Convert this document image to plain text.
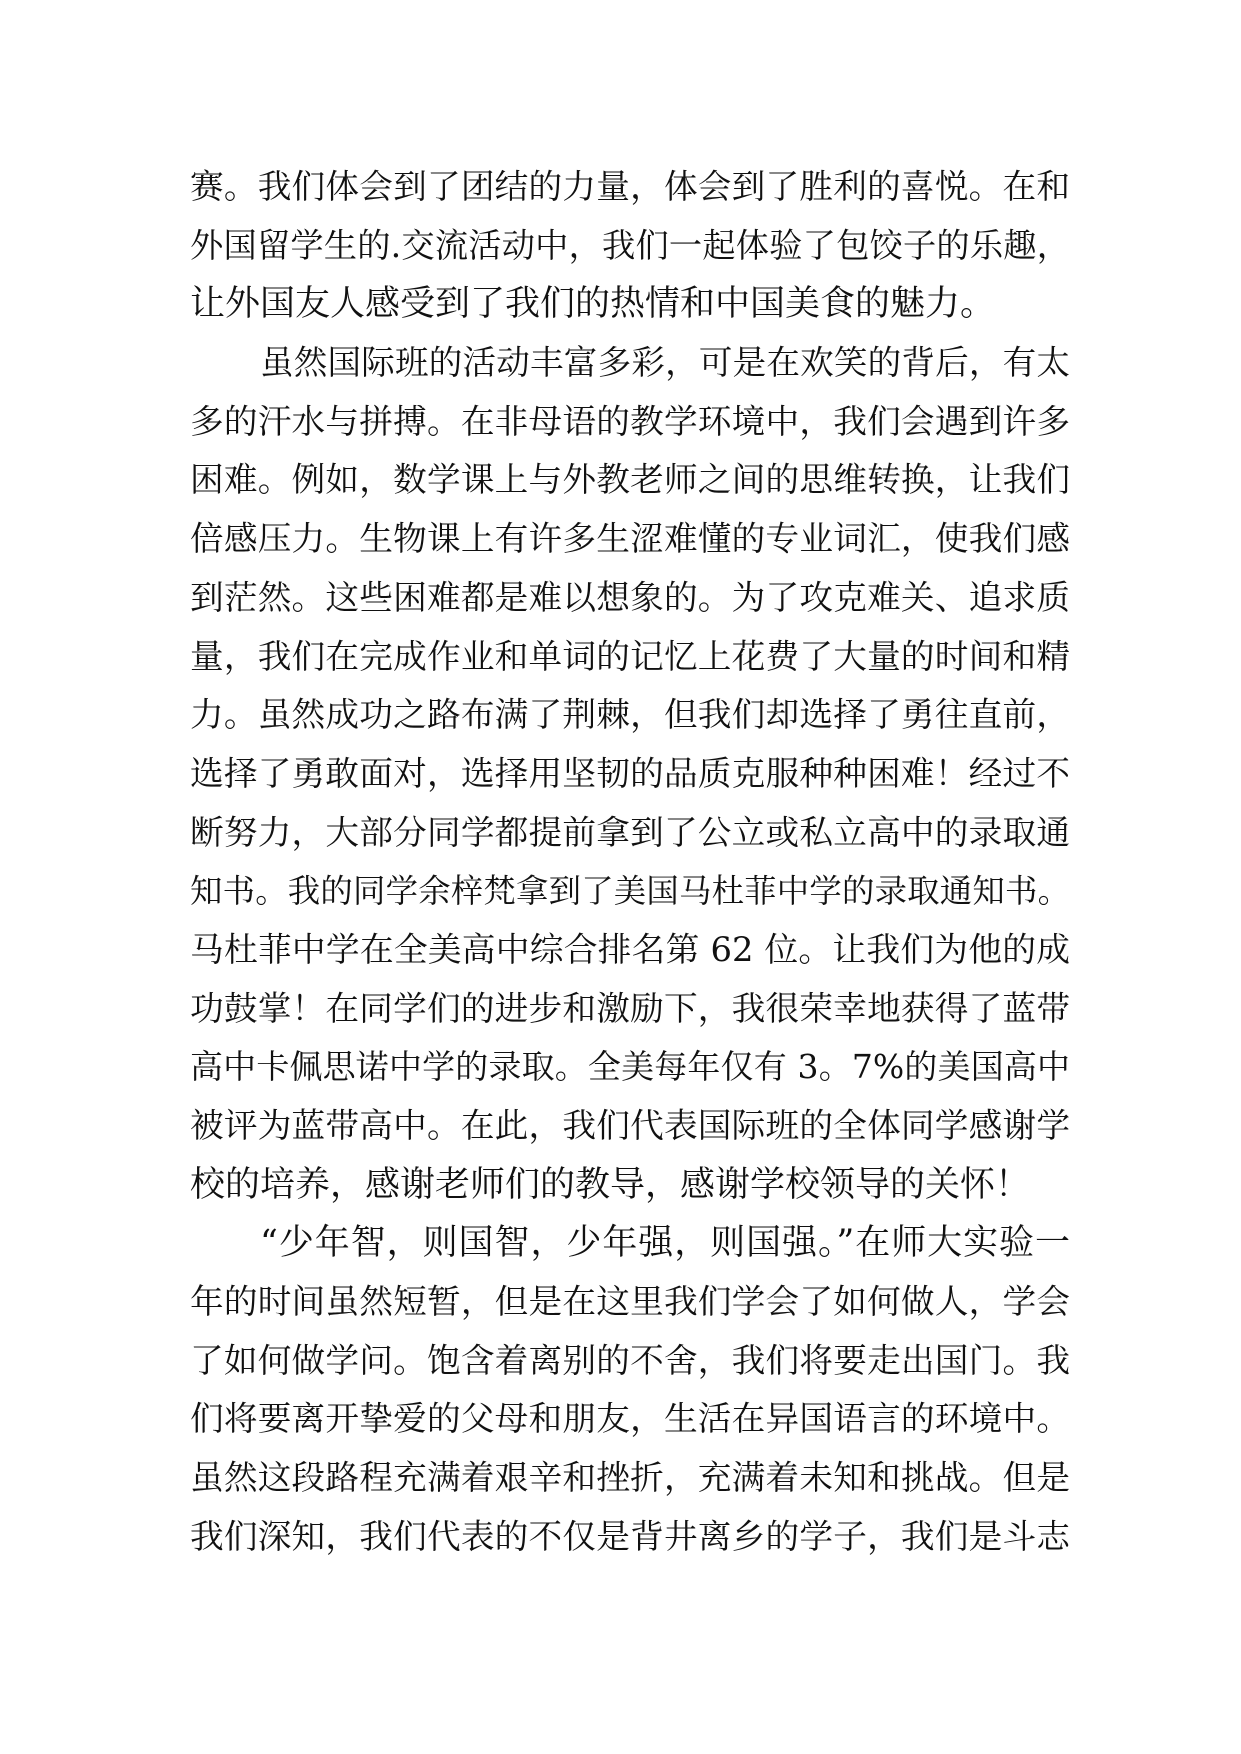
赛。我们体会到了团结的力量，体会到了胜利的喜悦。在和
外国留学生的.交流活动中，我们一起体验了包饺子的乐趣，
让外国友人感受到了我们的热情和中国美食的魅力。
虽然国际班的活动丰富多彩，可是在欢笑的背后，有太
多的汗水与拼搏。在非母语的教学环境中，我们会遇到许多
困难。例如，数学课上与外教老师之间的思维转换，让我们
倍感压力。生物课上有许多生涩难懂的专业词汇，使我们感
到茫然。这些困难都是难以想象的。为了攻克难关、追求质
量，我们在完成作业和单词的记忆上花费了大量的时间和精
力。虽然成功之路布满了荆棘，但我们却选择了勇往直前，
选择了勇敢面对，选择用坚韧的品质克服种种困难！经过不
断努力，大部分同学都提前拿到了公立或私立高中的录取通
知书。我的同学余梓梵拿到了美国马杜菲中学的录取通知书。
马杜菲中学在全美高中综合排名第 62 位。让我们为他的成
功鼓掌！在同学们的进步和激励下，我很荣幸地获得了蓝带
高中卡佩思诺中学的录取。全美每年仅有 3。7%的美国高中
被评为蓝带高中。在此，我们代表国际班的全体同学感谢学
校的培养，感谢老师们的教导，感谢学校领导的关怀！
“少年智，则国智，少年强，则国强。”在师大实验一
年的时间虽然短暂，但是在这里我们学会了如何做人，学会
了如何做学问。饱含着离别的不舍，我们将要走出国门。我
们将要离开挚爱的父母和朋友，生活在异国语言的环境中。
虽然这段路程充满着艰辛和挫折，充满着未知和挑战。但是
我们深知，我们代表的不仅是背井离乡的学子，我们是斗志
